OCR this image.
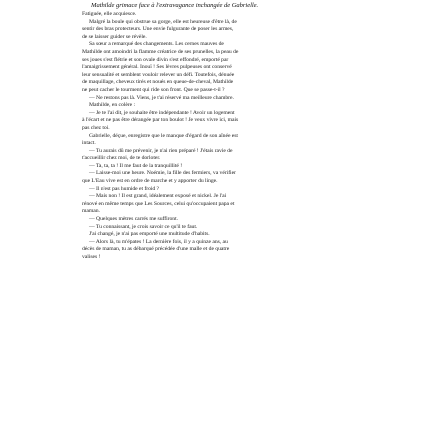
Mathilde grimace face à l'extravagance inchangée de Gabrielle.
Fatiguée, elle acquiesce.
Malgré la boule qui obstrue sa gorge, elle est heureuse d'être là, de
sentir des bras protecteurs. Une envie fulgurante de poser les armes,
de se laisser guider se révèle.
Sa sœur a remarqué des changements. Les cernes mauves de
Mathilde ont amoindri la flamme créatrice de ses prunelles, la peau de
ses joues s'est flétrie et son ovale divin s'est effondré, emporté par
l'amaigrissement général. Inouï ! Ses lèvres pulpeuses ont conservé
leur sensualité et semblent vouloir relever un défi. Toutefois, dénuée
de maquillage, cheveux tirés et noués en queue-de-cheval, Mathilde
ne peut cacher le tourment qui ride son front. Que se passe-t-il ?
— Ne restons pas là. Viens, je t'ai réservé ma meilleure chambre.
Mathilde, en colère :
— Je te l'ai dit, je souhaite être indépendante ! Avoir un logement
à l'écart et ne pas être dérangée par ton boulot ! Je veux vivre ici, mais
pas chez toi.
Gabrielle, déçue, enregistre que le manque d'égard de son aînée est
intact.
— Tu aurais dû me prévenir, je n'ai rien préparé ! J'étais ravie de
t'accueillir chez moi, de te dorloter.
— Ta, ta, ta ! Il me faut de la tranquillité !
— Laisse-moi une heure. Noémie, la fille des fermiers, va vérifier
que L'Eau vive est en ordre de marche et y apporter du linge.
— Il n'est pas humide et froid ?
— Mais non ! Il est grand, idéalement exposé et nickel. Je l'ai
rénové en même temps que Les Sources, celui qu'occupaient papa et
maman.
— Quelques mètres carrés me suffiront.
— Tu connaissant, je crois savoir ce qu'il te faut.
J'ai changé, je n'ai pas emporté une multitude d'habits.
— Alors là, tu m'épates ! La dernière fois, il y a quinze ans, au
décès de maman, tu as débarqué précédée d'une malle et de quatre
valises !
